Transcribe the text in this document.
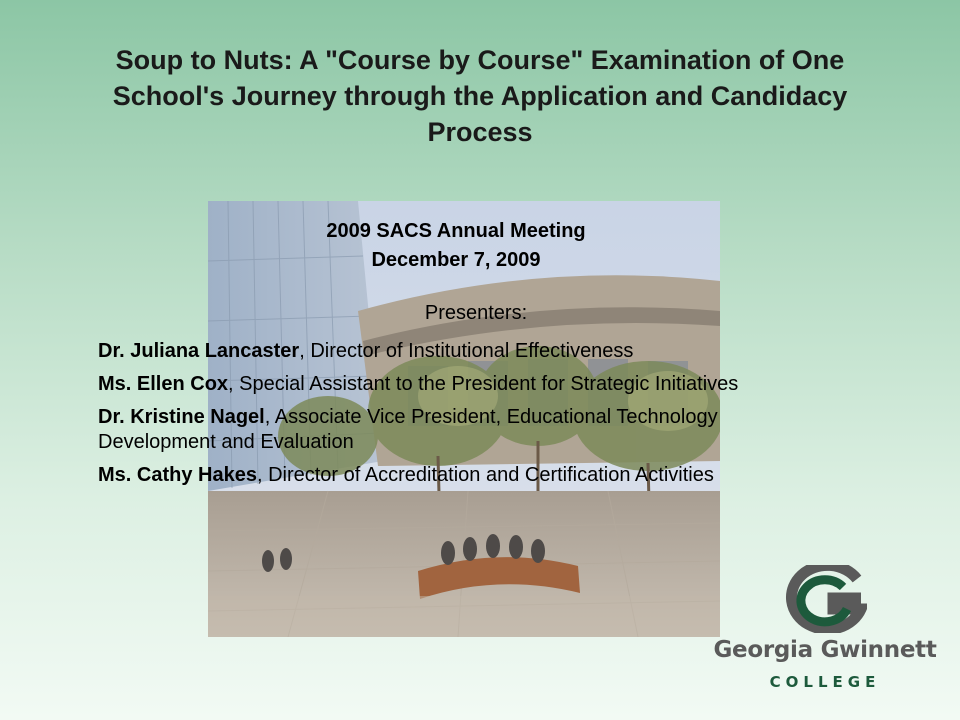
Soup to Nuts: A "Course by Course" Examination of One School's Journey through the Application and Candidacy Process
2009 SACS Annual Meeting
December 7, 2009
Presenters:
Dr. Juliana Lancaster, Director of Institutional Effectiveness
Ms. Ellen Cox, Special Assistant to the President for Strategic Initiatives
Dr. Kristine Nagel, Associate Vice President, Educational Technology Development and Evaluation
Ms. Cathy Hakes, Director of Accreditation and Certification Activities
Georgia Gwinnett
COLLEGE
